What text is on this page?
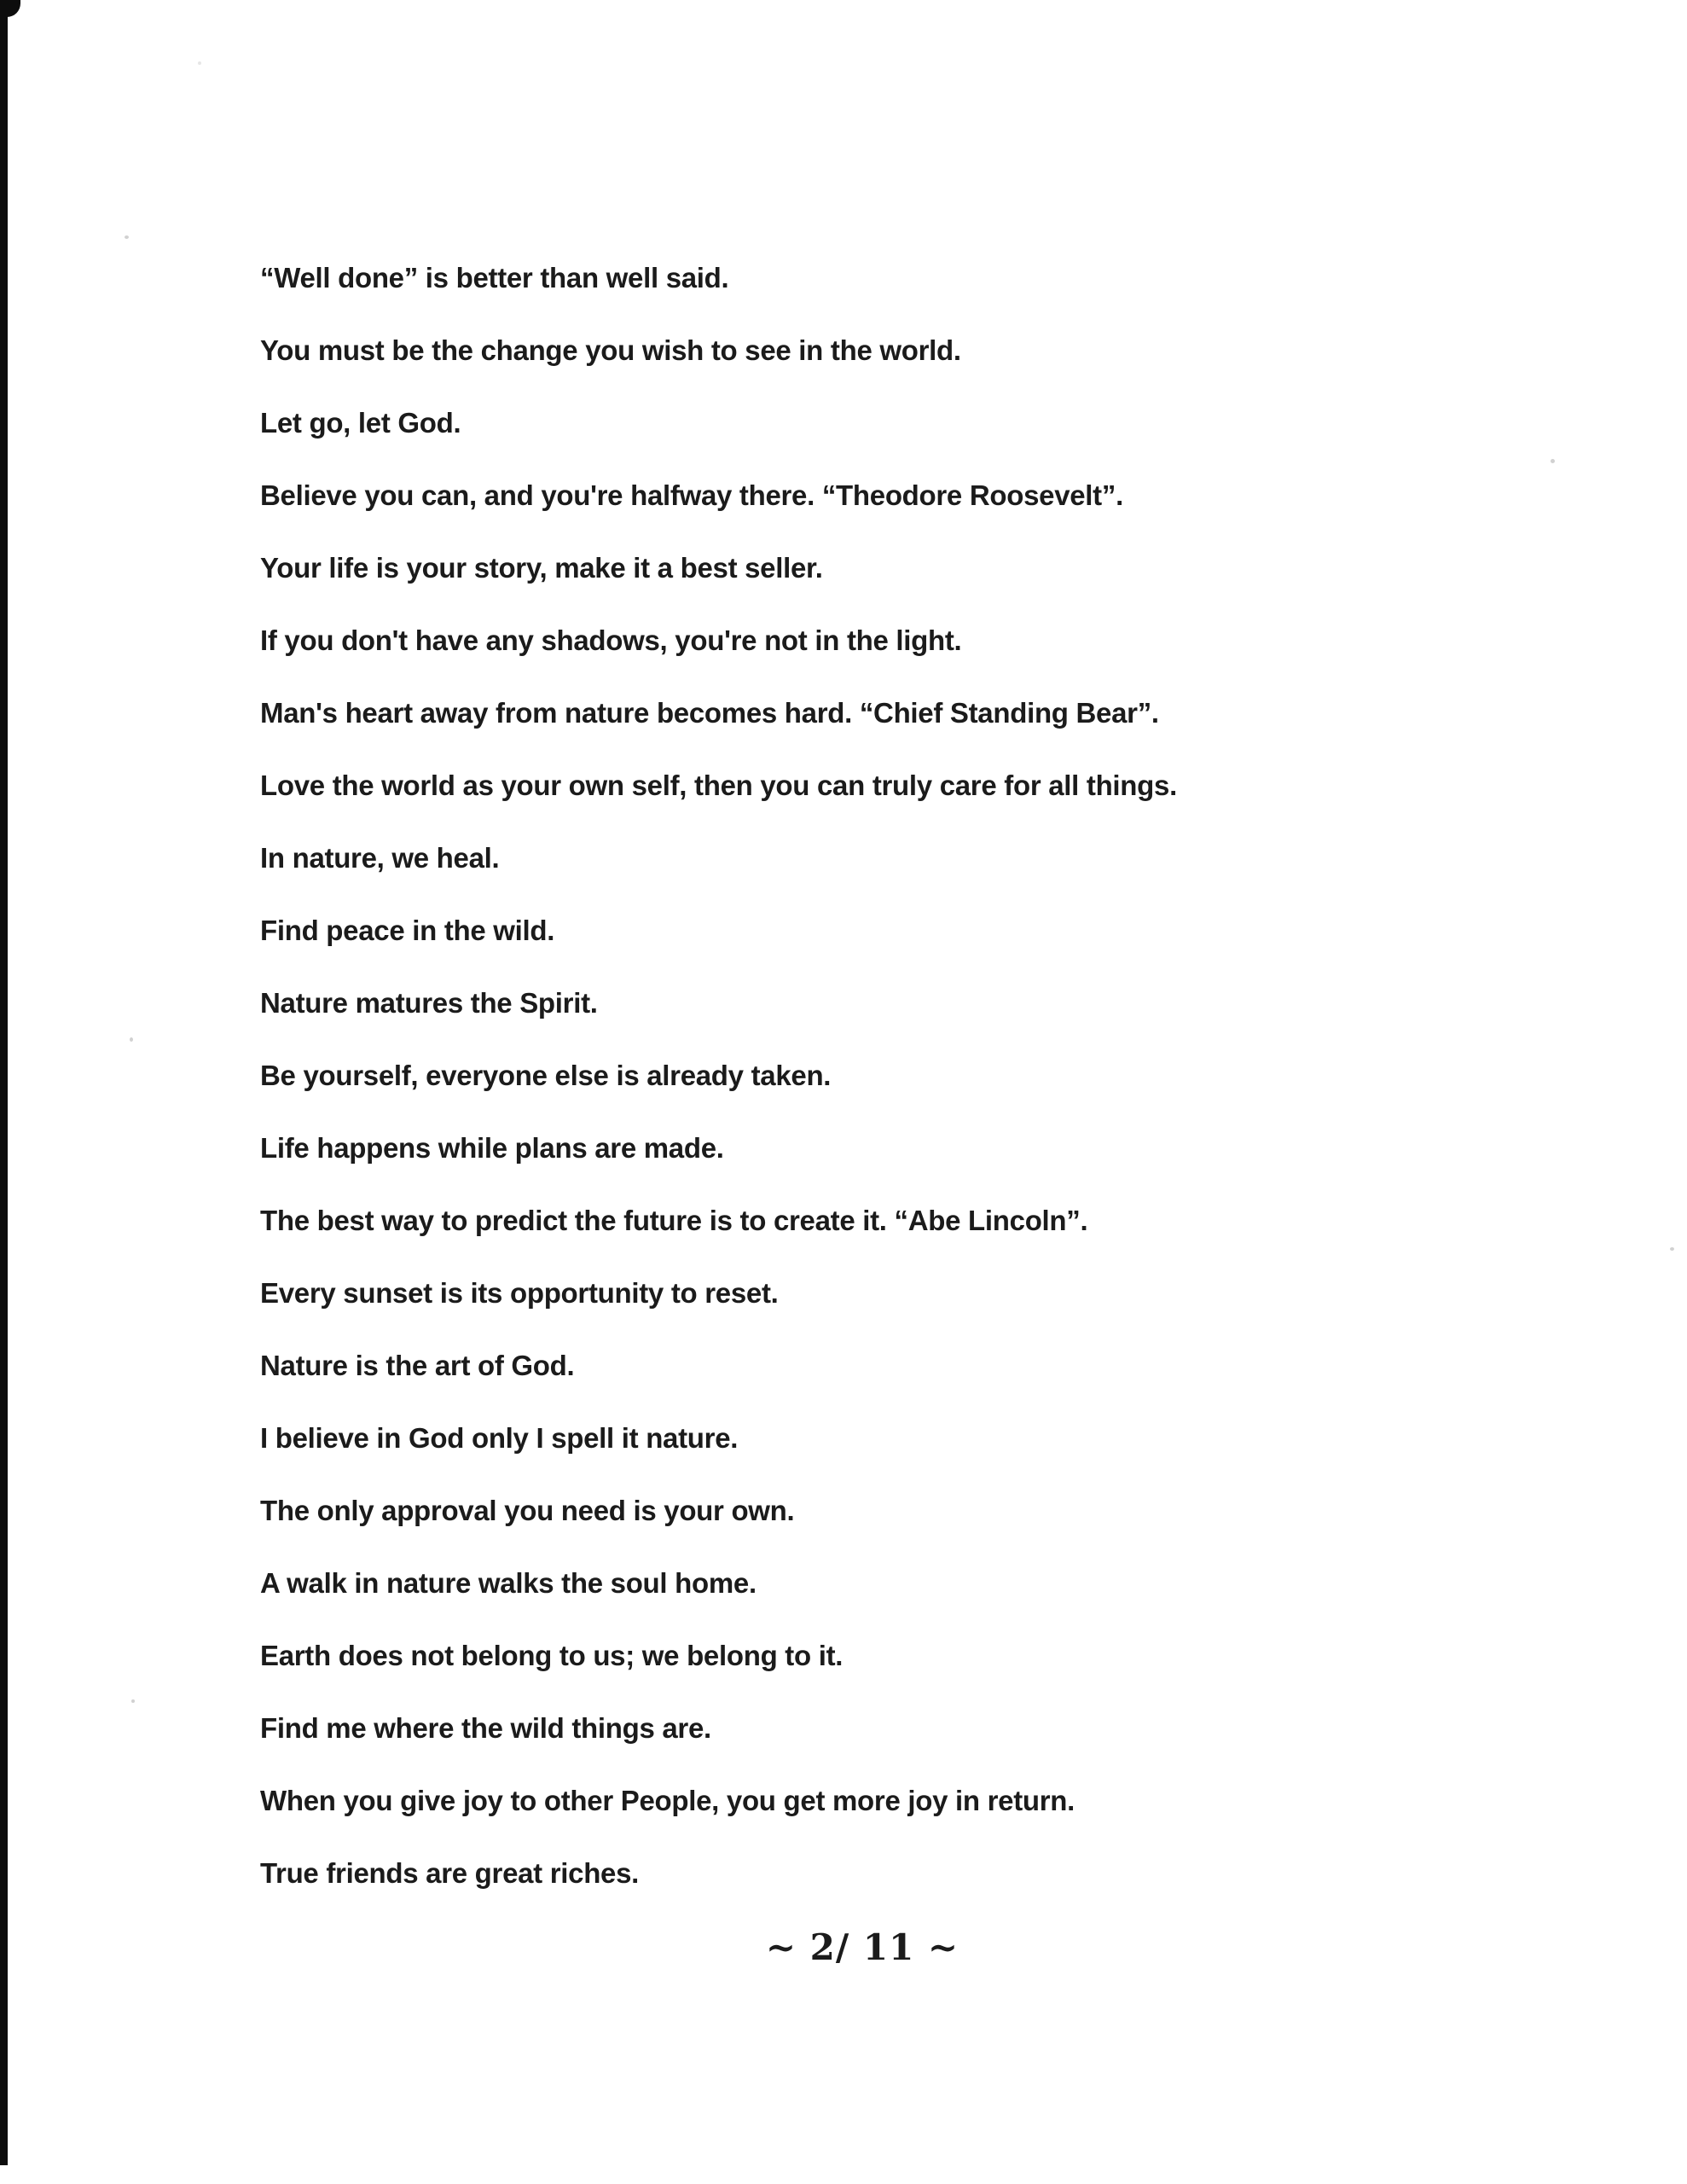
“Well done” is better than well said.

You must be the change you wish to see in the world.

Let go, let God.

Believe you can, and you're halfway there. “Theodore Roosevelt”.

Your life is your story, make it a best seller.

If you don't have any shadows, you're not in the light.

Man's heart away from nature becomes hard. “Chief Standing Bear”.

Love the world as your own self, then you can truly care for all things.

In nature, we heal.

Find peace in the wild.

Nature matures the Spirit.

Be yourself, everyone else is already taken.

Life happens while plans are made.

The best way to predict the future is to create it. “Abe Lincoln”.

Every sunset is its opportunity to reset.

Nature is the art of God.

I believe in God only I spell it nature.

The only approval you need is your own.

A walk in nature walks the soul home.

Earth does not belong to us; we belong to it.

Find me where the wild things are.

When you give joy to other People, you get more joy in return.

True friends are great riches.

~ 2/ 11 ~
